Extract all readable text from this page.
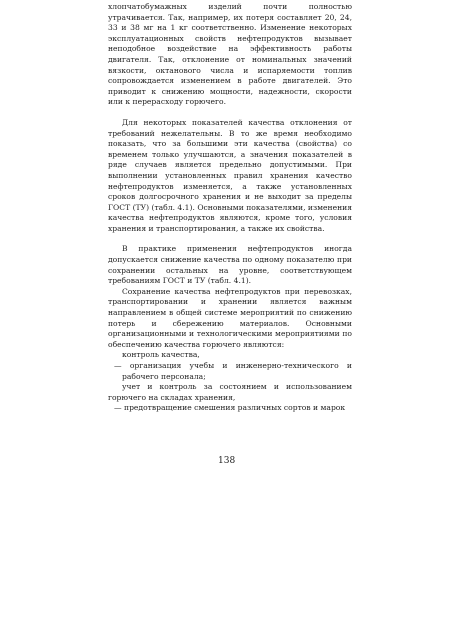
хлопчатобумажных изделий почти полностью утрачивается. Так, например, их потеря составляет 20, 24, 33 и 38 мг на 1 кг соответственно. Изменение некоторых эксплуатационных свойств нефтепродуктов вызывает неподобное воздействие на эффективность работы двигателя. Так, отклонение от номинальных значений вязкости, октанового числа и испаряемости топлив сопровождается изменением в работе двигателей. Это приводит к снижению мощности, надежности, скорости или к перерасходу горючего.

Для некоторых показателей качества отклонения от требований нежелательны. В то же время необходимо показать, что за большими эти качества (свойства) со временем только улучшаются, а значения показателей в ряде случаев является предельно допустимыми. При выполнении установленных правил хранения качество нефтепродуктов изменяется, а также установленных сроков долгосрочного хранения и не выходит за пределы ГОСТ (ТУ) (табл. 4.1). Основными показателями, изменения качества нефтепродуктов являются, кроме того, условия хранения и транспортирования, а также их свойства.

В практике применения нефтепродуктов иногда допускается снижение качества по одному показателю при сохранении остальных на уровне, соответствующем требованиям ГОСТ и ТУ (табл. 4.1).

Сохранение качества нефтепродуктов при перевозках, транспортировании и хранении является важным направлением в общей системе мероприятий по снижению потерь и сбережению материалов. Основными организационными и технологическими мероприятиями по обеспечению качества горючего являются:

контроль качества,

— организация учебы и инженерно-технического и рабочего персонала;

учет и контроль за состоянием и использованием горючего на складах хранения,

— предотвращение смешения различных сортов и марок

138
